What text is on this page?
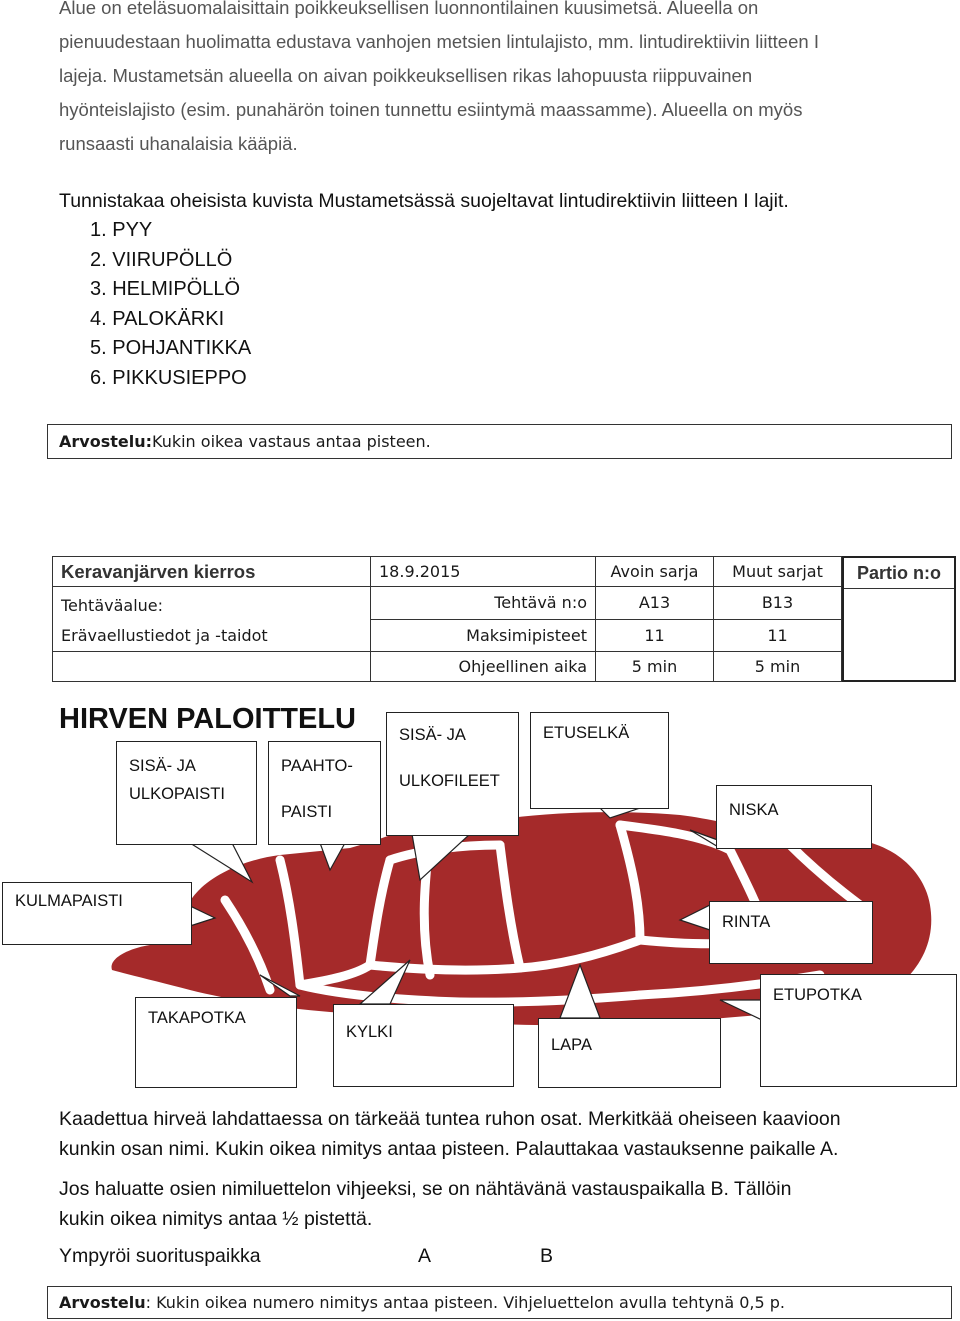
Alue on eteläsuomalaisittain poikkeuksellisen luonnontilainen kuusimetsä. Alueella on
pienuudestaan huolimatta edustava vanhojen metsien lintulajisto, mm. lintudirektiivin liitteen I
lajeja. Mustametsän alueella on aivan poikkeuksellisen rikas lahopuusta riippuvainen
hyönteislajisto (esim. punahärön toinen tunnettu esiintymä maassamme). Alueella on myös
runsaasti uhanalaisia kääpiä.
Tunnistakaa oheisista kuvista Mustametsässä suojeltavat lintudirektiivin liitteen I lajit.
1. PYY
2. VIIRUPÖLLÖ
3. HELMIPÖLLÖ
4. PALOKÄRKI
5. POHJANTIKKA
6. PIKKUSIEPPO
Arvostelu: Kukin oikea vastaus antaa pisteen.
Keravanjärven kierros	18.9.2015	Avoin sarja	Muut sarjat

Tehtäväalue:
Erävaellustiedot ja -taidot	Tehtävä n:o	A13	B13
	Maksimipisteet	11	11
	Ohjeellinen aika	5 min	5 min
Partio n:o
HIRVEN PALOITTELU
SISÄ- JA
ULKOPAISTI
PAAHTO-
PAISTI
SISÄ- JA
ULKOFILEET
ETUSELKÄ
NISKA
KULMAPAISTI
RINTA
TAKAPOTKA
KYLKI
LAPA
ETUPOTKA
Kaadettua hirveä lahdattaessa on tärkeää tuntea ruhon osat. Merkitkää oheiseen kaavioon
kunkin osan nimi. Kukin oikea nimitys antaa pisteen. Palauttakaa vastauksenne paikalle A.
Jos haluatte osien nimiluettelon vihjeeksi, se on nähtävänä vastauspaikalla B. Tällöin
kukin oikea nimitys antaa ½ pistettä.
Ympyröi suorituspaikka	A	B
Arvostelu : Kukin oikea numero nimitys antaa pisteen. Vihjeluettelon avulla tehtynä 0,5 p.
